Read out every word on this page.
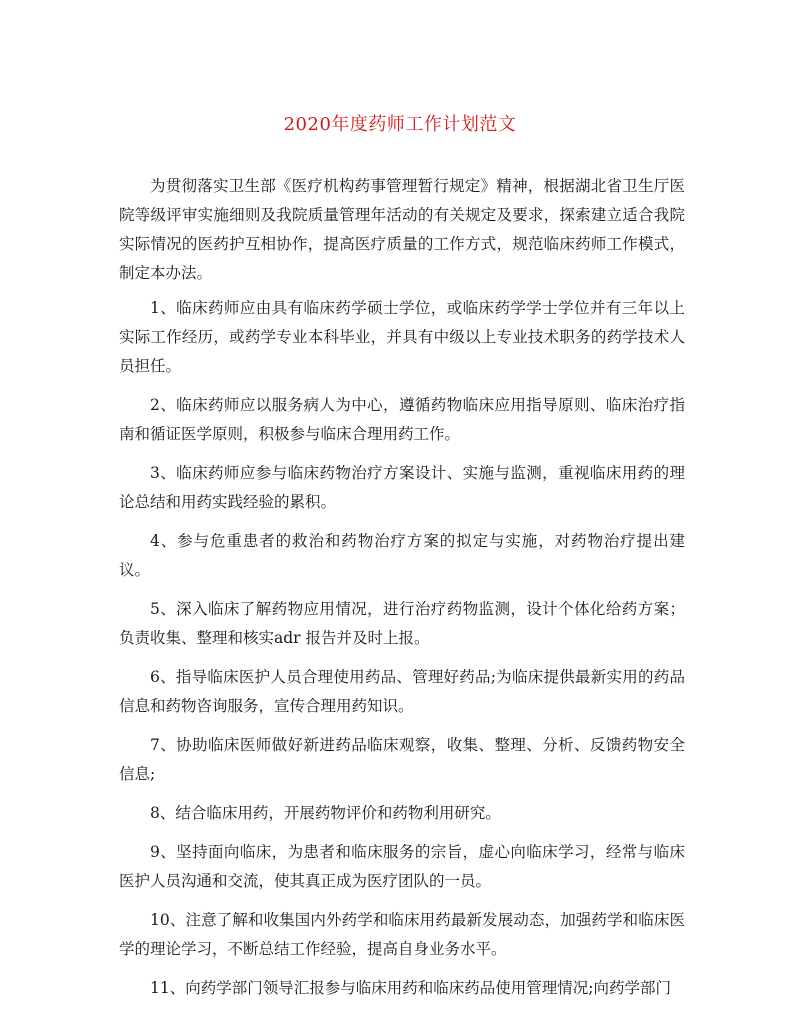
2020年度药师工作计划范文

为贯彻落实卫生部《医疗机构药事管理暂行规定》精神，根据湖北省卫生厅医院等级评审实施细则及我院质量管理年活动的有关规定及要求，探索建立适合我院实际情况的医药护互相协作，提高医疗质量的工作方式，规范临床药师工作模式，制定本办法。

1、临床药师应由具有临床药学硕士学位，或临床药学学士学位并有三年以上实际工作经历，或药学专业本科毕业，并具有中级以上专业技术职务的药学技术人员担任。

2、临床药师应以服务病人为中心，遵循药物临床应用指导原则、临床治疗指南和循证医学原则，积极参与临床合理用药工作。

3、临床药师应参与临床药物治疗方案设计、实施与监测，重视临床用药的理论总结和用药实践经验的累积。

4、参与危重患者的救治和药物治疗方案的拟定与实施，对药物治疗提出建议。

5、深入临床了解药物应用情况，进行治疗药物监测，设计个体化给药方案；负责收集、整理和核实adr 报告并及时上报。

6、指导临床医护人员合理使用药品、管理好药品;为临床提供最新实用的药品信息和药物咨询服务，宣传合理用药知识。

7、协助临床医师做好新进药品临床观察，收集、整理、分析、反馈药物安全信息;

8、结合临床用药，开展药物评价和药物利用研究。

9、坚持面向临床，为患者和临床服务的宗旨，虚心向临床学习，经常与临床医护人员沟通和交流，使其真正成为医疗团队的一员。

10、注意了解和收集国内外药学和临床用药最新发展动态，加强药学和临床医学的理论学习，不断总结工作经验，提高自身业务水平。

11、向药学部门领导汇报参与临床用药和临床药品使用管理情况;向药学部门
